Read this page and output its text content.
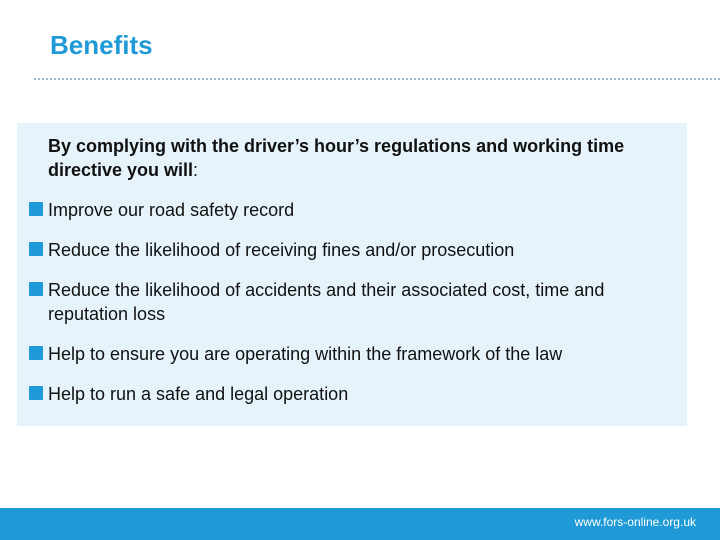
Benefits
By complying with the driver’s hour’s regulations and working time directive you will:
Improve our road safety record
Reduce the likelihood of receiving fines and/or prosecution
Reduce the likelihood of accidents and their associated cost, time and reputation loss
Help to ensure you are operating within the framework of the law
Help to run a safe and legal operation
www.fors-online.org.uk
